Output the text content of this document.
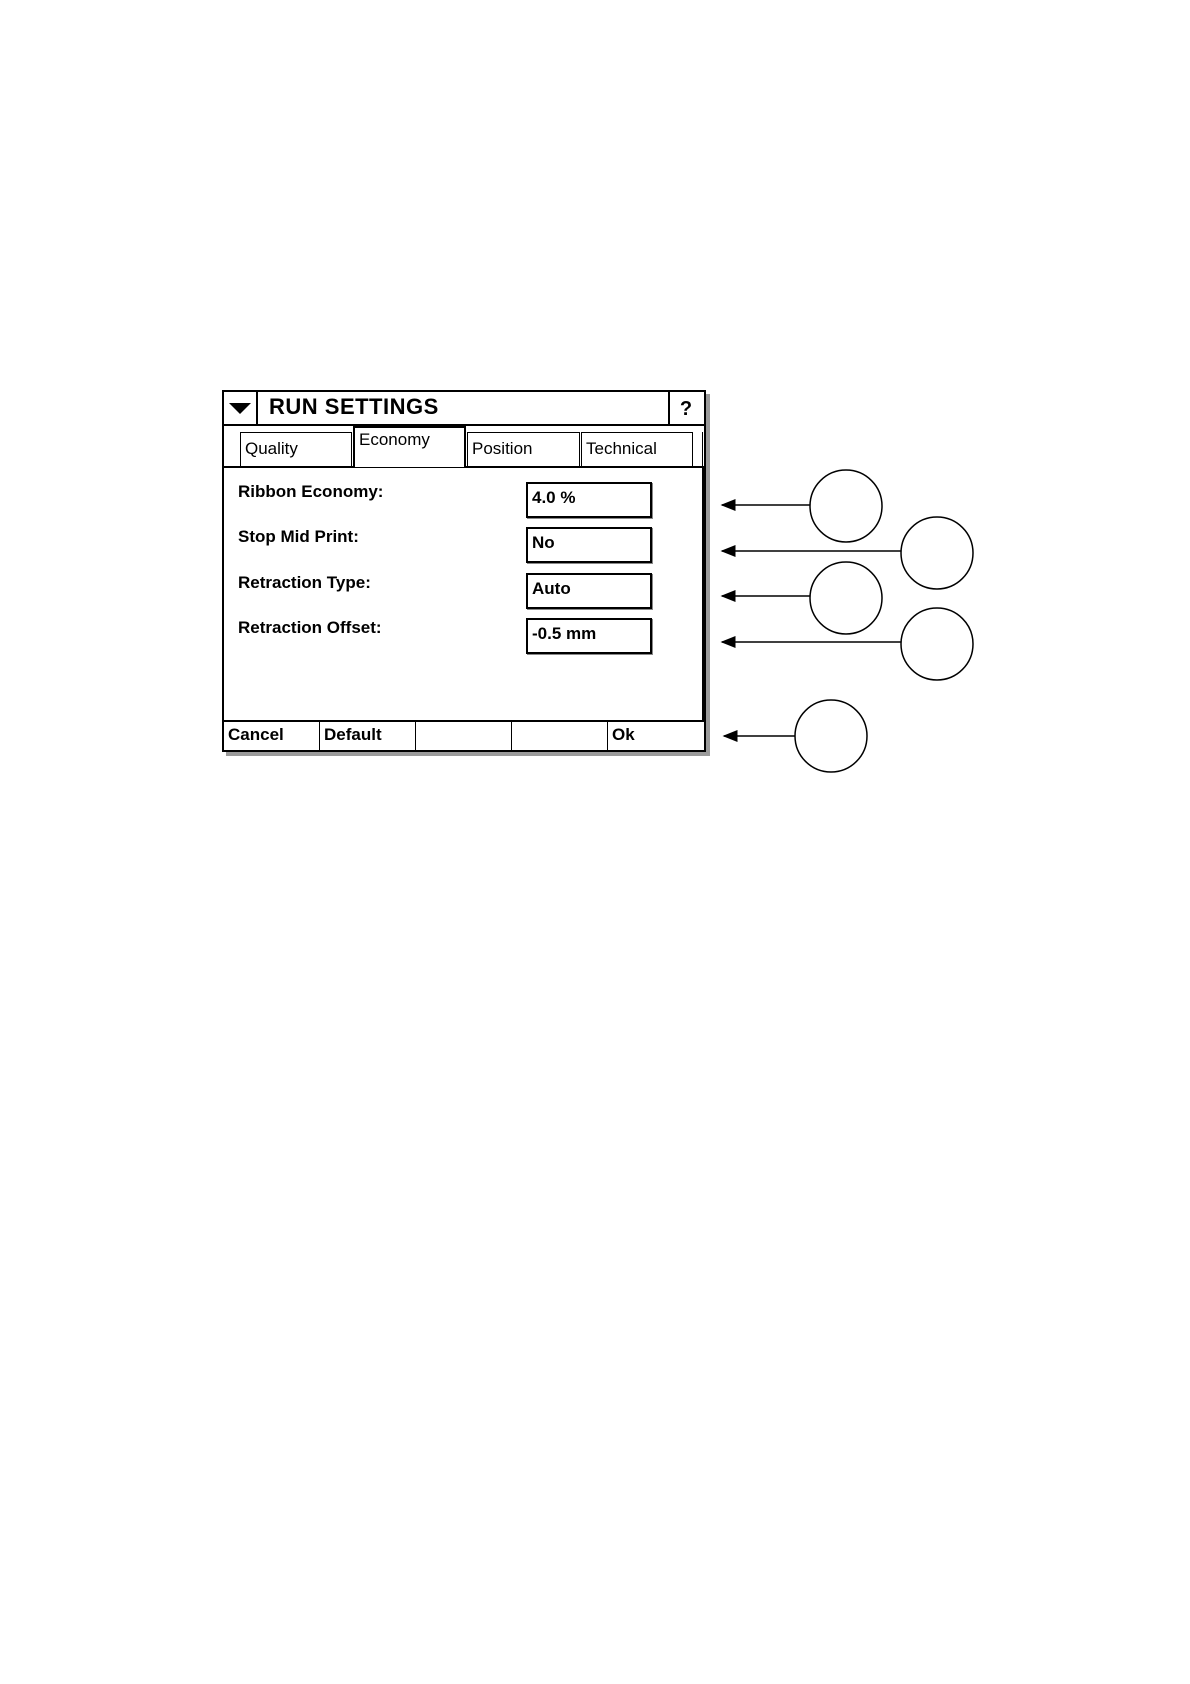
RUN SETTINGS	?
Quality	Economy	Position	Technical
Ribbon Economy:	4.0 %
Stop Mid Print:	No
Retraction Type:	Auto
Retraction Offset:	-0.5 mm
Cancel	Default	Ok
